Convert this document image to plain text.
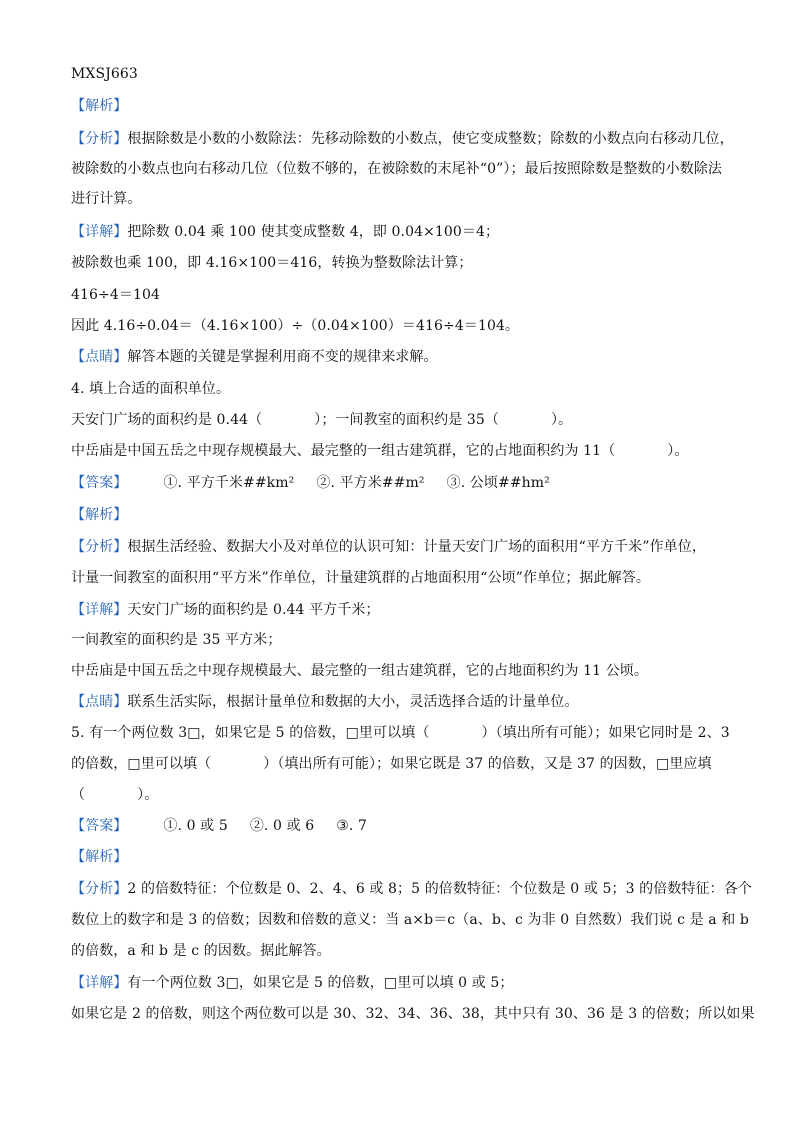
MXSJ663
【解析】
【分析】根据除数是小数的小数除法：先移动除数的小数点，使它变成整数；除数的小数点向右移动几位，
被除数的小数点也向右移动几位（位数不够的，在被除数的末尾补“0”）；最后按照除数是整数的小数除法
进行计算。
【详解】把除数 0.04 乘 100 使其变成整数 4，即 0.04×100＝4；
被除数也乘 100，即 4.16×100＝416，转换为整数除法计算；
416÷4＝104
因此 4.16÷0.04＝（4.16×100）÷（0.04×100）＝416÷4＝104。
【点睛】解答本题的关键是掌握利用商不变的规律来求解。
4. 填上合适的面积单位。
天安门广场的面积约是 0.44（	）；一间教室的面积约是 35（	）。
中岳庙是中国五岳之中现存规模最大、最完整的一组古建筑群，它的占地面积约为 11（	）。
【答案】	①. 平方千米##km² ②. 平方米##m² ③. 公顷##hm²
【解析】
【分析】根据生活经验、数据大小及对单位的认识可知：计量天安门广场的面积用“平方千米”作单位，
计量一间教室的面积用“平方米”作单位，计量建筑群的占地面积用“公顷”作单位；据此解答。
【详解】天安门广场的面积约是 0.44 平方千米；
一间教室的面积约是 35 平方米；
中岳庙是中国五岳之中现存规模最大、最完整的一组古建筑群，它的占地面积约为 11 公顷。
【点睛】联系生活实际，根据计量单位和数据的大小，灵活选择合适的计量单位。
5. 有一个两位数 3□，如果它是 5 的倍数，□里可以填（	）（填出所有可能）；如果它同时是 2、3
的倍数，□里可以填（	）（填出所有可能）；如果它既是 37 的倍数，又是 37 的因数，□里应填
（	）。
【答案】	①. 0 或 5 ②. 0 或 6 ③. 7
【解析】
【分析】2 的倍数特征：个位数是 0、2、4、6 或 8；5 的倍数特征：个位数是 0 或 5；3 的倍数特征：各个
数位上的数字和是 3 的倍数；因数和倍数的意义：当 a×b＝c（a、b、c 为非 0 自然数）我们说 c 是 a 和 b
的倍数，a 和 b 是 c 的因数。据此解答。
【详解】有一个两位数 3□，如果它是 5 的倍数，□里可以填 0 或 5；
如果它是 2 的倍数，则这个两位数可以是 30、32、34、36、38，其中只有 30、36 是 3 的倍数；所以如果
